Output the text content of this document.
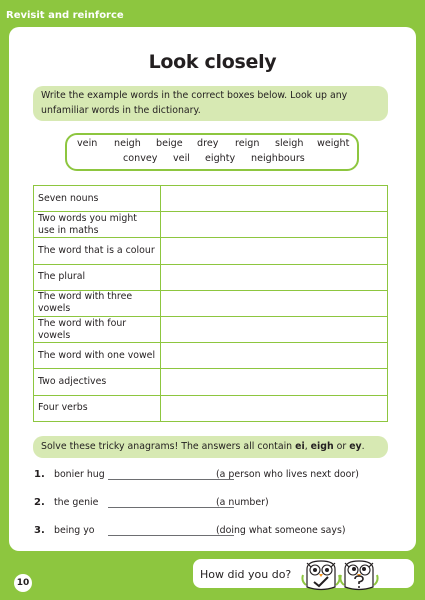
Revisit and reinforce
Look closely
Write the example words in the correct boxes below. Look up any unfamiliar words in the dictionary.
vein neigh beige drey reign sleigh weight
convey veil eighty neighbours
Seven nouns	
Two words you might use in maths	
The word that is a colour	
The plural	
The word with three vowels	
The word with four vowels	
The word with one vowel	
Two adjectives	
Four verbs	
Solve these tricky anagrams! The answers all contain ei, eigh or ey.
1. bonier hug	(a person who lives next door)
2. the genie	(a number)
3. being yo	(doing what someone says)
10
How did you do?
